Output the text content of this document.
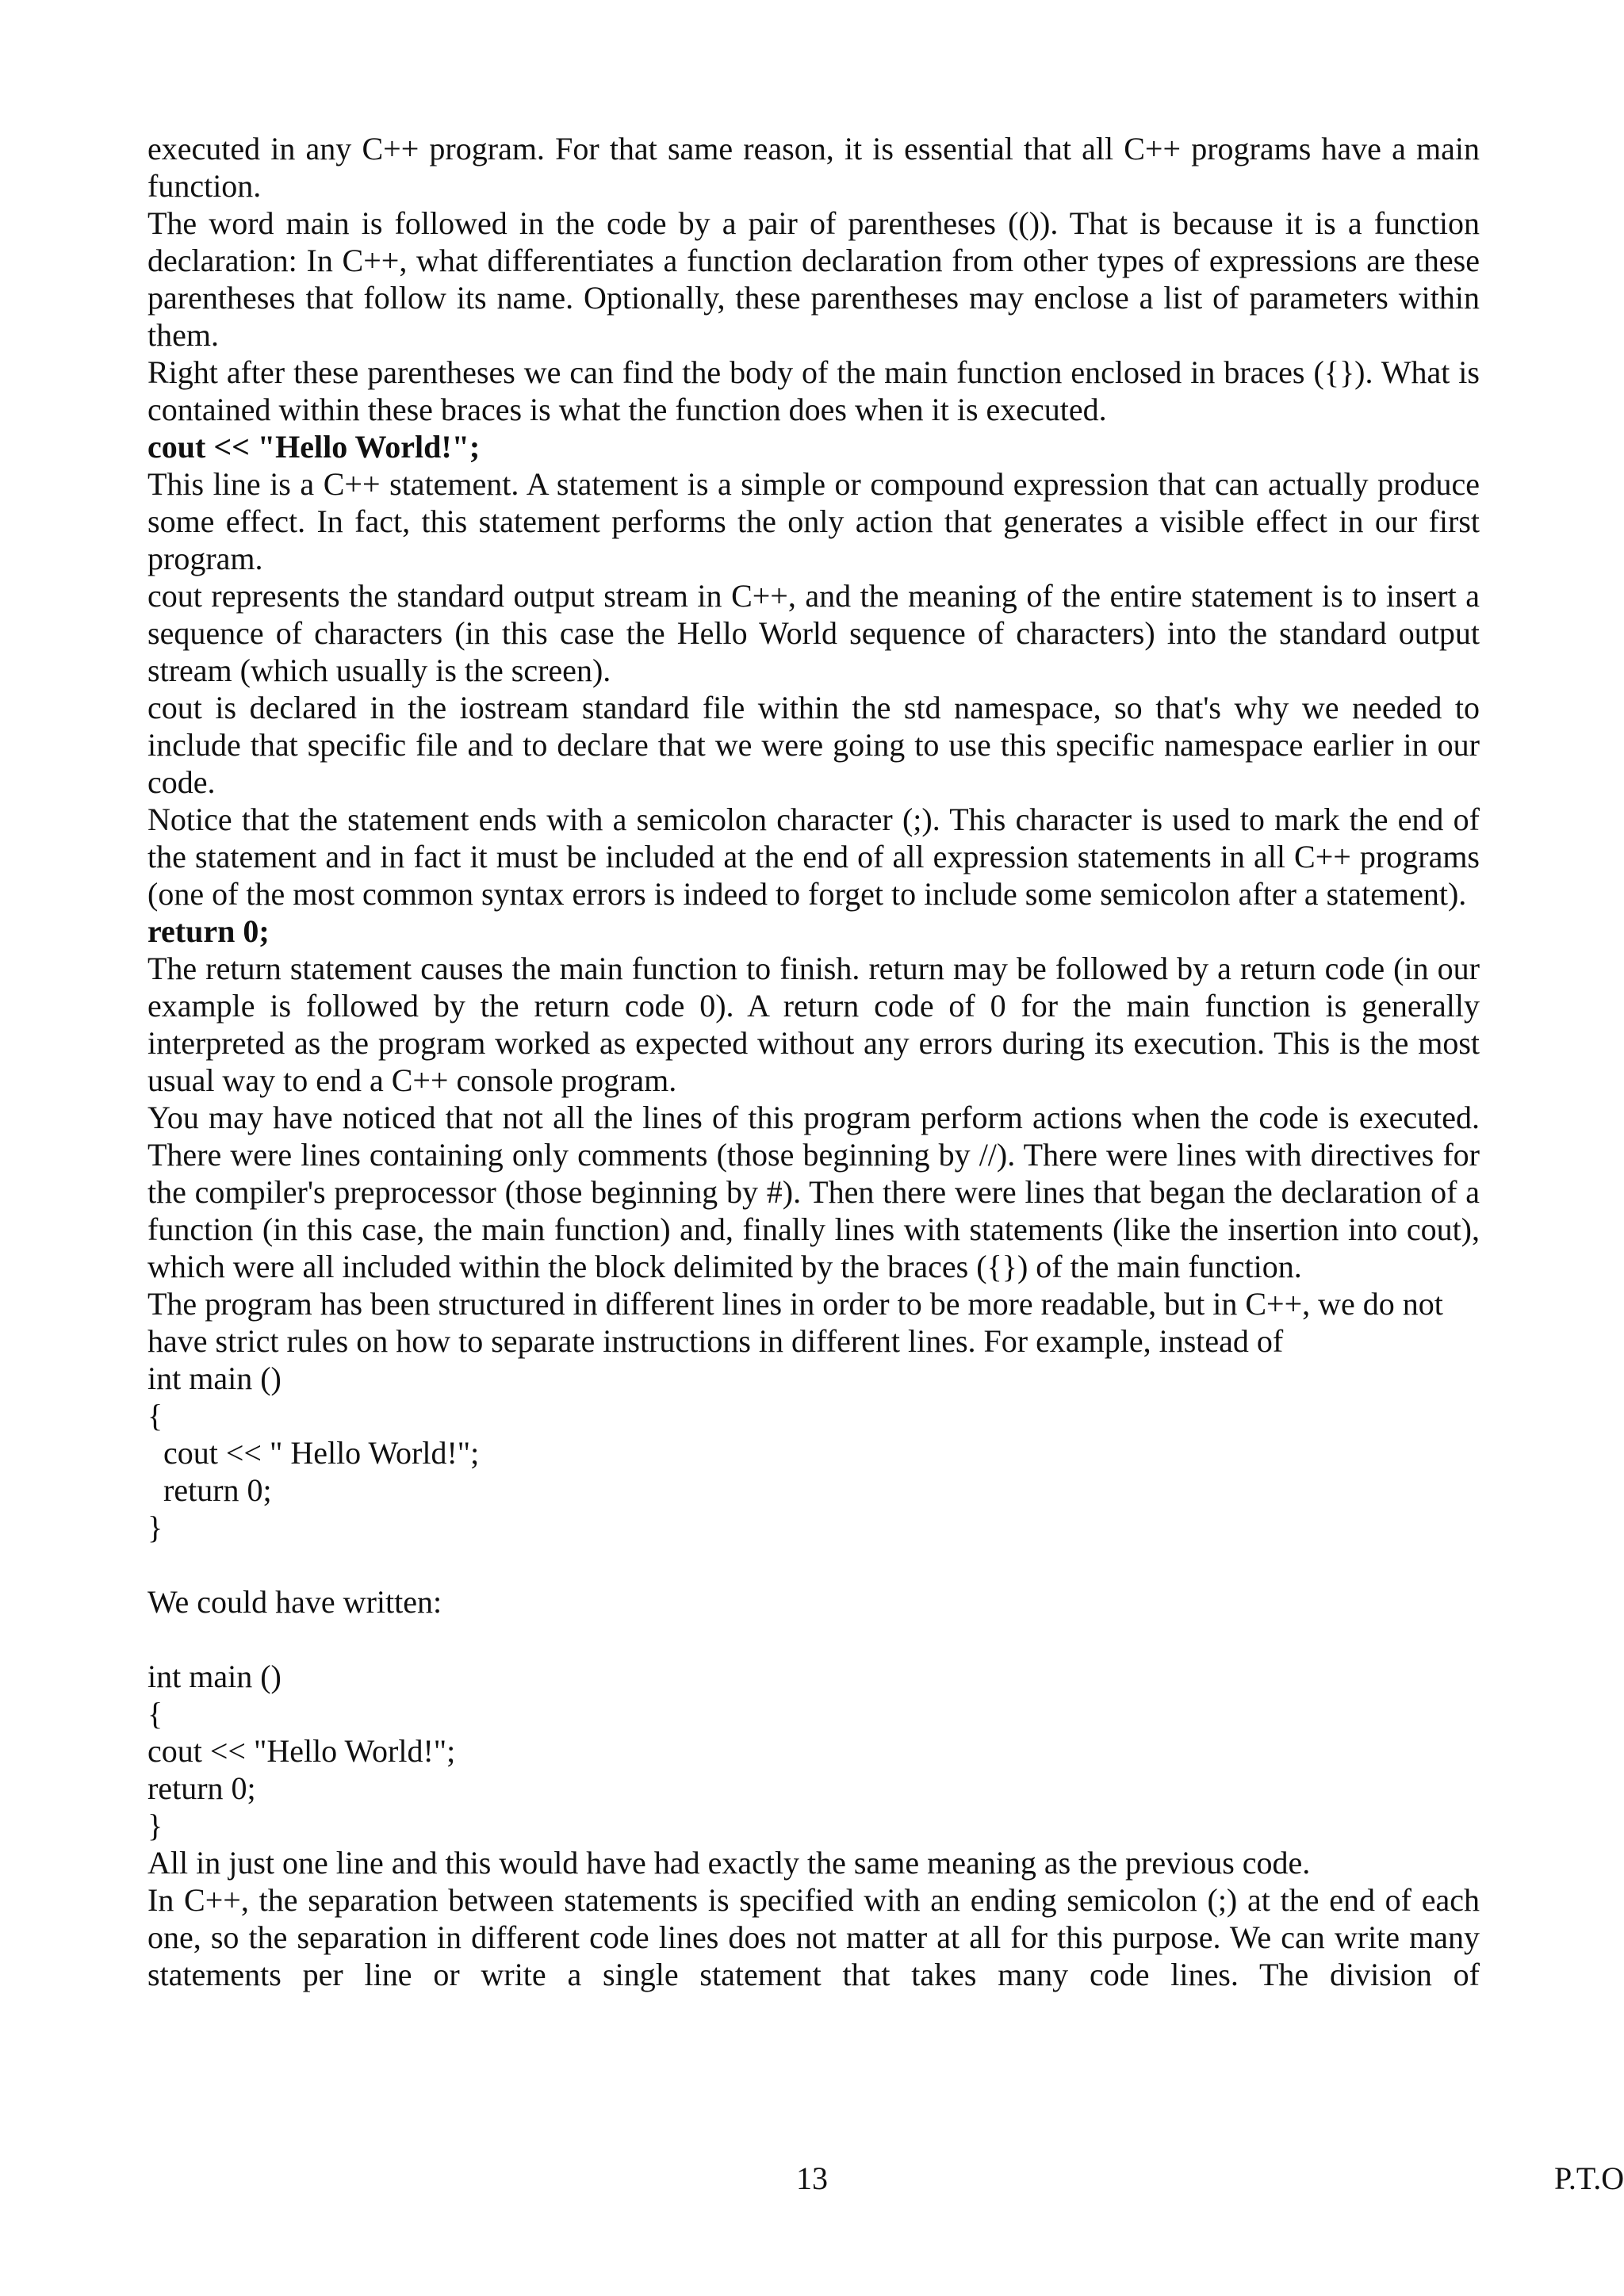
executed in any C++ program. For that same reason, it is essential that all C++ programs have a main function.

The word main is followed in the code by a pair of parentheses (()). That is because it is a function declaration: In C++, what differentiates a function declaration from other types of expressions are these parentheses that follow its name. Optionally, these parentheses may enclose a list of parameters within them.

Right after these parentheses we can find the body of the main function enclosed in braces ({}). What is contained within these braces is what the function does when it is executed.

cout << "Hello World!";

This line is a C++ statement. A statement is a simple or compound expression that can actually produce some effect. In fact, this statement performs the only action that generates a visible effect in our first program.

cout represents the standard output stream in C++, and the meaning of the entire statement is to insert a sequence of characters (in this case the Hello World sequence of characters) into the standard output stream (which usually is the screen).

cout is declared in the iostream standard file within the std namespace, so that's why we needed to include that specific file and to declare that we were going to use this specific namespace earlier in our code.

Notice that the statement ends with a semicolon character (;). This character is used to mark the end of the statement and in fact it must be included at the end of all expression statements in all C++ programs (one of the most common syntax errors is indeed to forget to include some semicolon after a statement).

return 0;

The return statement causes the main function to finish. return may be followed by a return code (in our example is followed by the return code 0). A return code of 0 for the main function is generally interpreted as the program worked as expected without any errors during its execution. This is the most usual way to end a C++ console program.

You may have noticed that not all the lines of this program perform actions when the code is executed. There were lines containing only comments (those beginning by //). There were lines with directives for the compiler's preprocessor (those beginning by #). Then there were lines that began the declaration of a function (in this case, the main function) and, finally lines with statements (like the insertion into cout), which were all included within the block delimited by the braces ({}) of the main function.

The program has been structured in different lines in order to be more readable, but in C++, we do not have strict rules on how to separate instructions in different lines. For example, instead of

int main ()
{
cout << " Hello World!";
return 0;
}

We could have written:

int main ()
{
cout << "Hello World!";
return 0;
}

All in just one line and this would have had exactly the same meaning as the previous code.

In C++, the separation between statements is specified with an ending semicolon (;) at the end of each one, so the separation in different code lines does not matter at all for this purpose. We can write many statements per line or write a single statement that takes many code lines. The division of

13	P.T.O
